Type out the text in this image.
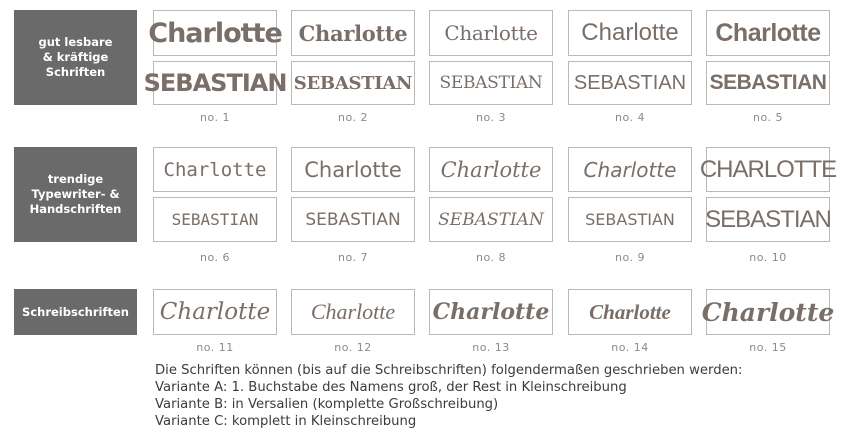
gut lesbare
& kräftige
Schriften
trendige
Typewriter- &
Handschriften
Schreibschriften
Charlotte
SEBASTIAN
no. 1
Charlotte
SEBASTIAN
no. 2
Charlotte
SEBASTIAN
no. 3
Charlotte
SEBASTIAN
no. 4
Charlotte
SEBASTIAN
no. 5
Charlotte
SEBASTIAN
no. 6
Charlotte
SEBASTIAN
no. 7
Charlotte
SEBASTIAN
no. 8
Charlotte
SEBASTIAN
no. 9
CHARLOTTE
SEBASTIAN
no. 10
Charlotte
no. 11
Charlotte
no. 12
Charlotte
no. 13
Charlotte
no. 14
Charlotte
no. 15
Die Schriften können (bis auf die Schreibschriften) folgendermaßen geschrieben werden:
Variante A: 1. Buchstabe des Namens groß, der Rest in Kleinschreibung
Variante B: in Versalien (komplette Großschreibung)
Variante C: komplett in Kleinschreibung
